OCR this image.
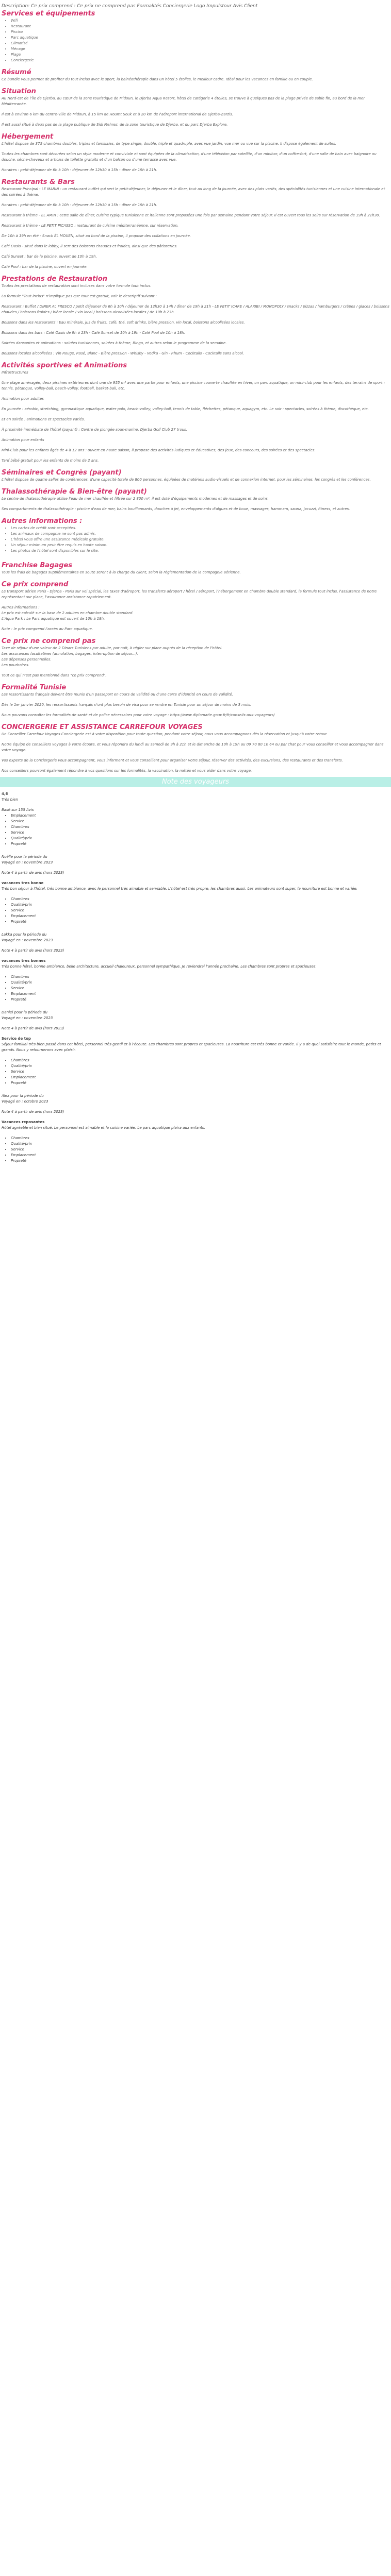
Description: Ce prix comprend : Ce prix ne comprend pas Formalités Conciergerie Logo Impulstour Avis Client

Services et équipements
• Wifi
• Restaurant
• Piscine
• Parc aquatique
• Climatisé
• Ménage
• Plage
• Conciergerie
Résumé

Ce bundle vous permet de profiter du tout inclus avec le sport, la balnéothérapie dans un hôtel 5 étoiles, le meilleur cadre. Idéal pour les vacances en famille ou en couple.

Situation

Au Nord-est de l'île de Djerba, au cœur de la zone touristique de Midoun, le Djerba Aqua Resort, hôtel de catégorie 4 étoiles, se trouve à quelques pas de la plage privée de sable fin, au bord de la mer Méditerranée.

Il est à environ 6 km du centre-ville de Midoun, à 15 km de Houmt Souk et à 20 km de l'aéroport international de Djerba-Zarzis.

Il est aussi situé à deux pas de la plage publique de Sidi Mehrez, de la zone touristique de Djerba, et du parc Djerba Explore.

Hébergement

L'hôtel dispose de 375 chambres doubles, triples et familiales, de type single, double, triple et quadruple, avec vue jardin, vue mer ou vue sur la piscine. Il dispose également de suites.

Toutes les chambres sont décorées selon un style moderne et conviviale et sont équipées de la climatisation, d'une télévision par satellite, d'un minibar, d'un coffre-fort, d'une salle de bain avec baignoire ou douche, sèche-cheveux et articles de toilette gratuits et d'un balcon ou d'une terrasse avec vue.

Horaires : petit-déjeuner de 6h à 10h - déjeuner de 12h30 à 15h - dîner de 19h à 21h.

Restaurants & Bars

Restaurant Principal - LE MARIN : un restaurant buffet qui sert le petit-déjeuner, le déjeuner et le dîner, tout au long de la journée, avec des plats variés, des spécialités tunisiennes et une cuisine internationale et des soirées à thème.

Horaires : petit-déjeuner de 6h à 10h - déjeuner de 12h30 à 15h - dîner de 19h à 21h.

Restaurant à thème - EL AMIN : cette salle de dîner, cuisine typique tunisienne et italienne sont proposées une fois par semaine pendant votre séjour. Il est ouvert tous les soirs sur réservation de 19h à 21h30.

Restaurant à thème - LE PETIT PICASSO : restaurant de cuisine méditerranéenne, sur réservation.

De 10h à 19h en été - Snack ÉL MOUEN, situé au bord de la piscine, il propose des collations en journée.

Café Oasis - situé dans le lobby, il sert des boissons chaudes et froides, ainsi que des pâtisseries.

Café Sunset : bar de la piscine, ouvert de 10h à 19h.

Café Pool : bar de la piscine, ouvert en journée.

Prestations de Restauration

Toutes les prestations de restauration sont incluses dans votre formule tout inclus.

La formule "Tout inclus" n'implique pas que tout est gratuit, voir le descriptif suivant :

Restaurant : Buffet / DINER AL FRESCO / petit déjeuner de 6h à 10h / déjeuner de 12h30 à 14h / dîner de 19h à 21h - LE PETIT ICARE / ALARIBI / MONOPOLY / snacks / pizzas / hamburgers / crêpes / glaces / boissons chaudes / boissons froides / bière locale / vin local / boissons alcoolisées locales / de 10h à 23h.

Boissons dans les restaurants : Eau minérale, jus de fruits, café, thé, soft drinks, bière pression, vin local, boissons alcoolisées locales.

Boissons dans les bars : Café Oasis de 9h à 23h - Café Sunset de 10h à 19h - Café Pool de 10h à 18h.

Soirées dansantes et animations : soirées tunisiennes, soirées à thème, Bingo, et autres selon le programme de la semaine.

Boissons locales alcoolisées : Vin Rouge, Rosé, Blanc - Bière pression - Whisky - Vodka - Gin - Rhum - Cocktails - Cocktails sans alcool.

Activités sportives et Animations

Infrastructures

Une plage aménagée, deux piscines extérieures dont une de 955 m² avec une partie pour enfants, une piscine couverte chauffée en hiver, un parc aquatique, un mini-club pour les enfants, des terrains de sport : tennis, pétanque, volley-ball, beach-volley, football, basket-ball, etc.

Animation pour adultes

En journée : aérobic, stretching, gymnastique aquatique, water polo, beach-volley, volley-ball, tennis de table, fléchettes, pétanque, aquagym, etc. Le soir : spectacles, soirées à thème, discothèque, etc.

Et en soirée : animations et spectacles variés.

À proximité immédiate de l'hôtel (payant) : Centre de plongée sous-marine, Djerba Golf Club 27 trous.

Animation pour enfants

Mini-Club pour les enfants âgés de 4 à 12 ans : ouvert en haute saison, il propose des activités ludiques et éducatives, des jeux, des concours, des soirées et des spectacles.

Tarif bébé gratuit pour les enfants de moins de 2 ans.

Séminaires et Congrès (payant)

L'hôtel dispose de quatre salles de conférences, d'une capacité totale de 800 personnes, équipées de matériels audio-visuels et de connexion internet, pour les séminaires, les congrès et les conférences.

Thalassothérapie & Bien-être (payant)

Le centre de thalassothérapie utilise l'eau de mer chauffée et filtrée sur 2 800 m², il est doté d'équipements modernes et de massages et de soins.

Ses compartiments de thalassothérapie : piscine d'eau de mer, bains bouillonnants, douches à jet, enveloppements d'algues et de boue, massages, hammam, sauna, jacuzzi, fitness, et autres.

Autres informations :
• Les cartes de crédit sont acceptées.
• Les animaux de compagnie ne sont pas admis.
• L'hôtel vous offre une assistance médicale gratuite.
• Un séjour minimum peut être requis en haute saison.
• Les photos de l'hôtel sont disponibles sur le site.
Franchise Bagages

Tous les frais de bagages supplémentaires en soute seront à la charge du client, selon la réglementation de la compagnie aérienne.

Ce prix comprend

Le transport aérien Paris - Djerba - Paris sur vol spécial, les taxes d'aéroport, les transferts aéroport / hôtel / aéroport, l'hébergement en chambre double standard, la formule tout inclus, l'assistance de notre représentant sur place, l'assurance assistance rapatriement.

Autres informations :

Le prix est calculé sur la base de 2 adultes en chambre double standard.

L'Aqua Park : Le Parc aquatique est ouvert de 10h à 18h.

Note : le prix comprend l'accès au Parc aquatique.

Ce prix ne comprend pas

Taxe de séjour d'une valeur de 2 Dinars Tunisiens par adulte, par nuit, à régler sur place auprès de la réception de l'hôtel.

Les assurances facultatives (annulation, bagages, interruption de séjour...).

Les dépenses personnelles.

Les pourboires.

Tout ce qui n'est pas mentionné dans "ce prix comprend".

Formalité Tunisie

Les ressortissants français doivent être munis d'un passeport en cours de validité ou d'une carte d'identité en cours de validité.

Dès le 1er janvier 2020, les ressortissants français n'ont plus besoin de visa pour se rendre en Tunisie pour un séjour de moins de 3 mois.

Nous pouvons consulter les formalités de santé et de police nécessaires pour votre voyage : https://www.diplomatie.gouv.fr/fr/conseils-aux-voyageurs/

CONCIERGERIE ET ASSISTANCE CARREFOUR VOYAGES

Un Conseiller Carrefour Voyages Conciergerie est à votre disposition pour toute question, pendant votre séjour, nous vous accompagnons dès la réservation et jusqu'à votre retour.

Notre équipe de conseillers voyages à votre écoute, et vous répondra du lundi au samedi de 9h à 21h et le dimanche de 10h à 19h au 09 70 80 10 64 ou par chat pour vous conseiller et vous accompagner dans votre voyage.

Vos experts de la Conciergerie vous accompagnent, vous informent et vous conseillent pour organiser votre séjour, réserver des activités, des excursions, des restaurants et des transferts.

Nos conseillers pourront également répondre à vos questions sur les formalités, la vaccination, la météo et vous aider dans votre voyage.

Note des voyageurs

4,6

Très bien

Basé sur 155 Avis

• Emplacement
• Service
• Chambres
• Service
• Qualité/prix
• Propreté

Noëlle pour la période du

Voyagé en : novembre 2023

Note 4 à partir de avis (hors 2023)

vacances tres bonne

Très bon séjour à l'hôtel, très bonne ambiance, avec le personnel très aimable et serviable. L'hôtel est très propre, les chambres aussi. Les animateurs sont super, la nourriture est bonne et variée.

• Chambres
• Qualité/prix
• Service
• Emplacement
• Propreté

Lakka pour la période du

Voyagé en : novembre 2023

Note 4 à partir de avis (hors 2023)

vacances tres bonnes

Très bonne hôtel, bonne ambiance, belle architecture, accueil chaleureux, personnel sympathique. Je reviendrai l'année prochaine. Les chambres sont propres et spacieuses.

• Chambres
• Qualité/prix
• Service
• Emplacement
• Propreté

Daniel pour la période du

Voyagé en : novembre 2023

Note 4 à partir de avis (hors 2023)

Service de top

Séjour familial très bien passé dans cet hôtel, personnel très gentil et à l'écoute. Les chambres sont propres et spacieuses. La nourriture est très bonne et variée. Il y a de quoi satisfaire tout le monde, petits et grands. Nous y retournerons avec plaisir.

• Chambres
• Qualité/prix
• Service
• Emplacement
• Propreté

Alex pour la période du

Voyagé en : octobre 2023

Note 4 à partir de avis (hors 2023)

Vacances reposantes

Hôtel agréable et bien situé. Le personnel est aimable et la cuisine variée. Le parc aquatique plaira aux enfants.

• Chambres
• Qualité/prix
• Service
• Emplacement
• Propreté
